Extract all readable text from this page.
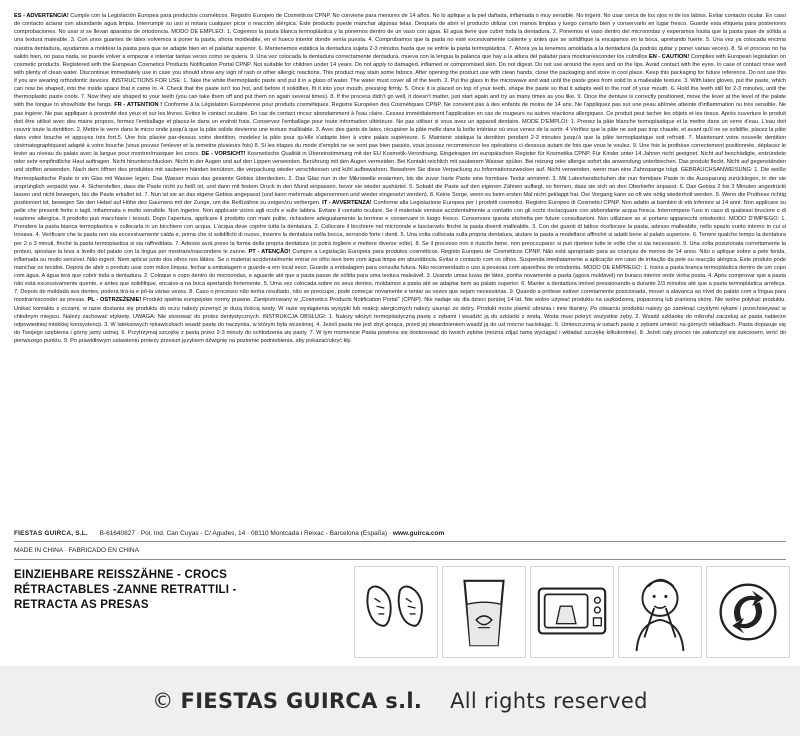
ES - ADVERTENCIA! Cumple con la Legislación Europea para productos cosméticos. Registro Europeo de Cosméticos CPNP. No conviene para menores de 14 años. No lo aplique a la piel dañada, inflamada o muy sensible. No ingerir. No usar cerca de los ojos ni de los labios. Evitar contacto ocular. En caso de contacto aclarar con abundante agua limpia. Interrumpir su uso si notara cualquier picor o reacción alérgica. Este producto puede manchar algunas telas. Después de abrir el producto utilizar con manos limpias y luego cerrarlo bien y conservarlo en lugar fresco. Guarde esta etiqueta para posteriores comprobaciones. No usar si se llevan aparatos de ortodoncia. MODO DE EMPLEO: 1. Cogemos la pasta blanca termoplástica y la ponemos dentro de un vaso con agua. El agua tiene que cubrir toda la dentadura. 2. Ponemos el vaso dentro del microondas y esperamos hasta que la pasta pase de sólida a una textura maleable. 3. Con unos guantes de látex volvemos a poner la pasta, ahora moldeable, en el hueco interior donde venía puesta. 4. Comprobamos que la pasta no esté excesivamente caliente y antes que se solidifique la encajamos en la boca, apretando fuerte. 5. Una vez ya colocada encima nuestra dentadura, ayudamos a moldear la pasta para que se adapte bien en el paladar superior. 6. Mantenemos estática la dentadura sujeta 2-3 minutos hasta que se enfríe la pasta termoplástica. 7. Ahora ya la tenemos amoldada a la dentadura (la podrás quitar y poner varias veces). 8. Si el proceso no ha salido bien, no pasa nada, se puede volver a empezar e intentar tantas veces como se quiera. 9. Una vez colocada la dentadura correctamente dentadura, mueva con la lengua la palanca que hay a la altura del paladar para mostrar/esconder los colmillos EN - CAUTION! Complies with European legislation on cosmetic products. Registered with the European Cosmetics Products Notification Portal CPNP. Not suitable for children under 14 years. Do not apply to damaged, inflamed or compromised skin. Do not digest. Do not use around the eyes and on the lips. Avoid contact with the eyes. In case of contact rinse well with plenty of clean water. Discontinue immediately use in case you should show any sign of rash or other allergic reactions. This product may stain some fabrics. After opening the product use with clean hands, close the packaging and store in cool place. Keep this packaging for future reference. Do not use this if you are wearing orthodontic devices. INSTRUCTIONS FOR USE: 1. Take the white thermoplastic paste and put it in a glass of water. The water must cover all of the teeth. 2. Put the glass in the microwave and wait until the paste goes from solid to a malleable texture. 3. With latex gloves, put the paste, which can now be shaped, into the inside space that it came in. 4. Check that the paste isn't too hot, and before it solidifies, fit it into your mouth, pressing firmly. 5. Once it is placed on top of your teeth, shape the paste so that it adapts well to the roof of your mouth. 6. Hold the teeth still for 2-3 minutes, until the thermoplastic paste cools. 7. Now they are shaped to your teeth (you can take them off and put them on again several times). 8. If the process didn't go well, it doesn't matter, just start again and try as many times as you like. 9. Once the denture is correctly positioned, move the lever at the level of the palate with the tongue to show/hide the fangs. FR - ATTENTION ! Conforme à la Législation Européenne pour produits cosmétiques. Registre Européen des Cosmétiques CPNP. Ne convient pas à des enfants de moins de 14 ans. Ne l'appliquez pas sur une peau abîmée atteinte d'inflammation ou très sensible. Ne pas ingérer. Ne pas appliquer à proximité des yeux et sur les lèvres. Evitez le contact oculaire. En cas de contact rincez abondamment à l'eau claire. Cessez immédiatement l'application en cas de rougeurs ou autres réactions allergiques. Ce produit peut tacher les objets et les tissus. Après ouverture le produit doit être utilisé avec des mains propres, fermez l'emballage et placez-le dans un endroit frais. Conservez l'emballage pour toute information ultérieure. Ne pas utiliser si vous avez un appareil dentaire. MODE D'EMPLOI: 1. Prenez la pâte blanche termoplastique et la mettre dans un verre d'eau. L'eau doit couvrir toute la dentition. 2. Mettre le verre dans le micro onde jusqu'à que la pâte solide devienne une texture malléable. 3. Avec des gants de latex, récupérer la pâte molle dans la boîte intérieur où vous venez de la sortir. 4 Vérifiez que la pâte ne soit pas trop chaude, et avant qu'il ne se solidifie, placez la pâte dans votre bouche et appuyez très fort.5. Une fois placée par-dessus votre dentition, modelez la pâte pour qu'elle s'adapte bien à votre palais supérieure. 6. Maintenir statique la dentition pendant 2-3 minutes jusqu'à que la pâte termoplastique soit refroidi. 7. Maintenant votre nouvelle dentition cinématographiquest adapté à votre bouche (vous pouvez l'enlever et la remettre plusieurs fois) 8. Si les étapes du mode d'emploi ne se sont pas bien passés, vous pouvez recommencer les opérations ci-dessous autant de fois que vous le voulez. 9. Une fois la prothèse correctement positionnée, déplacez le levier au niveau du palais avec la langue pour montrer/masquer les crocs. DE - VORSICHT! Kosmetische Qualität in Übereinstimmung mit der EU Kosmetik-Verordnung. Eingetragen im europäischen Register für Kosmetika CPNP. Für Kinder unter 14 Jahren nicht geeignet. Nicht auf beschädigte, entzündete oder sehr empfindliche Haut auftragen. Nicht hinunterschlucken. Nicht in der Augen und auf den Lippen verwenden. Berührung mit den Augen vermeiden. Bei Kontakt reichlich mit sauberem Wasser spülen. Bei reizung oder allergie sofort die anwendung unterbrechen. Das produkt fleckt. Nicht auf gegenständen und stoffen anwenden. Nach dem öffnen des produktes mit sauberen händen benützen, die verpackung wieder verschliessen und kühl aufbewahren. Bewahren Sie diese Verpackung zu Informationszwecken auf. Nicht verwenden, wenn man eine Zahnspange trägt. GEBRAUCHSANWEISUNG: 1. Die weiße thermoplastische Paste in ein Glas mit Wasser legen. Das Wasser muss das gesamte Gebiss überdecken. 2. Das Glas nun in der Mikrowelle erwärmen, bis die zuvor harte Paste eine formbare Textur annimmt. 3. Mit Latexhandschuhen die nun formbare Paste in die Aussparung zurücklegen, in der sie ursprünglich verpackt war. 4. Sicherstellen, dass die Paste nicht zu heiß ist, und dann mit festem Druck in den Mund einpassen, bevor sie wieder aushärtet. 5. Sobald die Paste auf den eigenen Zähnen aufliegt, so formen, dass sie sich an den Oberkiefer anpasst. 6. Das Gebiss 2 bis 3 Minuten angedrückt lassen und nicht bewegen, bis die Paste erkaltet ist. 7. Nun ist sie an das eigene Gebiss angepasst (und kann mehrmals abgenommen und wieder eingesetzt werden). 8. Keine Sorge, wenn es beim ersten Mal nicht geklappt hat. Der Vorgang kann so oft wie nötig wiederholt werden. 9. Wenn die Prothese richtig positioniert ist, bewegen Sie den Hebel auf Höhe des Gaumens mit der Zunge, um die Reißzähne zu zeigen/zu verbergen. IT - AVVERTENZA! Conforme alla Legislazione Europea per i prodotti cosmetici. Registro Europeo di Cosmetici CPNP. Non adatto ai bambini di età inferiore ai 14 anni. Non applicare su pelle che presenti ferite o tagli, infiammata o molto sensibile. Non ingerire. Non applicare vicino agli occhi e sulle labbra. Evitare il contatto oculare. Se il materiale venisse accidentalmente a contatto con gli occhi risciacquare con abbondante acqua fresca. Interrompere l'uso in caso di qualsiasi bruciore o di reazione allergica. Il prodotto può macchiare i tessuti. Dopo l'apertura, applicare il prodotto con mani pulite, richiudere adeguatamente la terrinne e conservare in luogo fresco. Conservare questa etichetta per future consultazioni. Non utilizzare se si portano apparecchi ortodontici. MODO D'IMPIEGO: 1. Prendere la pasta bianca termoplastica e collocarla in un bicchiere con acqua. L'acqua deve coprire tutta la dentatura. 2. Collocare il bicchiere nel microonde e lasciarvelo finché la pasta diventi malleabile. 3. Con dei guanti di lattice ricollocare la pasta, adesso malleabile, nello spazio vuoto interno in cui si trovava. 4. Verificare che la pasta non sia eccessivamente calda e, prima che si solidifichi di nuovo, inserire la dentatura nella bocca, serrando forte i denti. 5. Una volta collocata sulla propria dentatura, aiutare la pasta a modellarsi affinché si adatti bene al palato superiore. 6. Tenere qualche tempo la dentatura per 2 o 3 minuti, finché la pasta termoplastica si sia raffreddata. 7. Adesso avrà preso la forma della propria dentatura (si potrà togliere e mettere diverse volte). 8. Se il processo non è riuscito bene, non preoccuparsi: si può ripetere tutte le volte che si sia necessario. 9. Una volta posizionata correttamente la protesi, spostare la leva a livello del palato con la lingua per mostrare/nascondere le zanne. PT - ATENÇÃO! Cumpre a Legislação Europeia para produtos cosméticos. Registo Europeu de Cosméticos CPNP. Não está apropriado para as crianças de menos de 14 anos. Não o aplique sobre a pele ferida, inflamada ou muito sensível. Não ingerir. Nem aplicar junto dos olhos nos lábios. Se o material accidentalmente entrar no olho lave bem com água limpa em abundância. Evitar o contacto com os olhos. Suspenda imediatamente a aplicação em caso de irritação da pele ou reacção alérgica. Este produto pode manchar os tecidos. Depois de abrir o produto usar com mãos limpas, fechar a embalagem e guarde-a em local seco. Guarde a embalagem para consulta futura. Não recomendado o uso à pessoas com aparelhos de ortodontia. MODO DE EMPREGO: 1. Insira a pasta branca termoplástica dentro de um copo com água. A água terá que cobrir toda a dentadura. 2. Coloque o copo dentro do microondas, e aguarde até que a pasta passe de sólida para uma textura maleável. 3. Usando umas luvas de látex, ponha novamente a pasta (agora moldável) no buraco interior onde vinha posta. 4. Após comprovar que a pasta não está excessivamente quente, e antes que solidifique, encaixe-a na boca apertando fortemente. 5. Uma vez colocada sobre os seus dentes, moldamos a pasta até se adaptar bem ao palato superior. 6. Manter a dentadura imóvel pressionando-a durante 2/3 minutos até que a pasta termoplástica arrefeça. 7. Depois de moldada aos dentes, poderá tirá-la e pô-la várias vezes. 8. Caso o processo não tenha resultado, não se preocupe, pode começar novamente e tentar as vezes que sejam necessárias. 9. Quando a prótese estiver corretamente posicionada, mover a alavanca ao nível do palato com a língua para mostrar/esconder as presas. PL - OSTRZEŻENIE! Produkt spełnia europejskie normy prawne. Zarejestrowany w „Cosmetics Products Notification Portal" (CPNP). Nie nadaje się dla dzieci poniżej 14 lat. Nie wolno używać produktu na uszkodzoną, poparzoną lub zranioną skórę. Nie wolno połykać produktu. Unikać kontaktu z oczami, w razie dostania się produktu do oczu należy przemyć je dużą ilością wody. W razie wystąpienia wysypki lub reakcji alergicznych należy usunąć ze skóry. Produkt może plamić ubrania i inne tkaniny. Po otwarciu produktu należy go zamknąć czystymi rękami i przechowywać w chłodnym miejscu. Należy zachować etykietę. UWAGA: Nie stosować do protez dentystycznych. INSTRUKCJA OBSŁUGI: 1. Należy włożyć termoplastyczną pastę z zębami i wsadzić ją do szklanki z wodą. Woda musi pokryć wszystkie zęby. 2. Wsadź szklankę do mikrofal zaczekaj aż pasta nabierze odpowiedniej miękkiej konsystencji. 3. W lateksowych rękawiczkach wsadź pastę do naczynka, w którym była wcześniej. 4. Jeżeli pasta nie jest zbyt gorąca, przed jej stwardnieniem wsadź ją do ust mocno naciskając. 5. Umieszczoną w ustach pastę z zębami umieść na górnych wkładkach. Pasta dopasuje się do Twojego uzębienia i górny jamy ustnej. 6. Przytrzymaj szczękę z pastą przez 2-3 minuty do schłodzenia się pasty. 7. W tym momencie Pasta powinna się dostosować do twoich zębów (można zdjąć tamę wyciągać i wkładać szczękę kilkukrotnie). 8. Jeżeli cały proces nie zakończył się sukcesem, wróć do pierwszego punktu. 9. Po prawidłowym ustawieniu protezy przesuń językiem dźwignię na poziomie podniebienia, aby pokazać/ukryć kły.
FIESTAS GUIRCA, S.L. B-61640827 · Pol. Ind. Can Cuyas - C/ Agudes, 14 · 08110 Montcada i Reixac - Barcelona (España) · www.guirca.com
MADE IN CHINA · FABRICADO EN CHINA
EINZIEHBARE REISSZÄHNE - CROCS
RÉTRACTABLES -ZANNE RETRATTILI -
RETRACTA AS PRESAS
© FIESTAS GUIRCA s.l. All rights reserved
